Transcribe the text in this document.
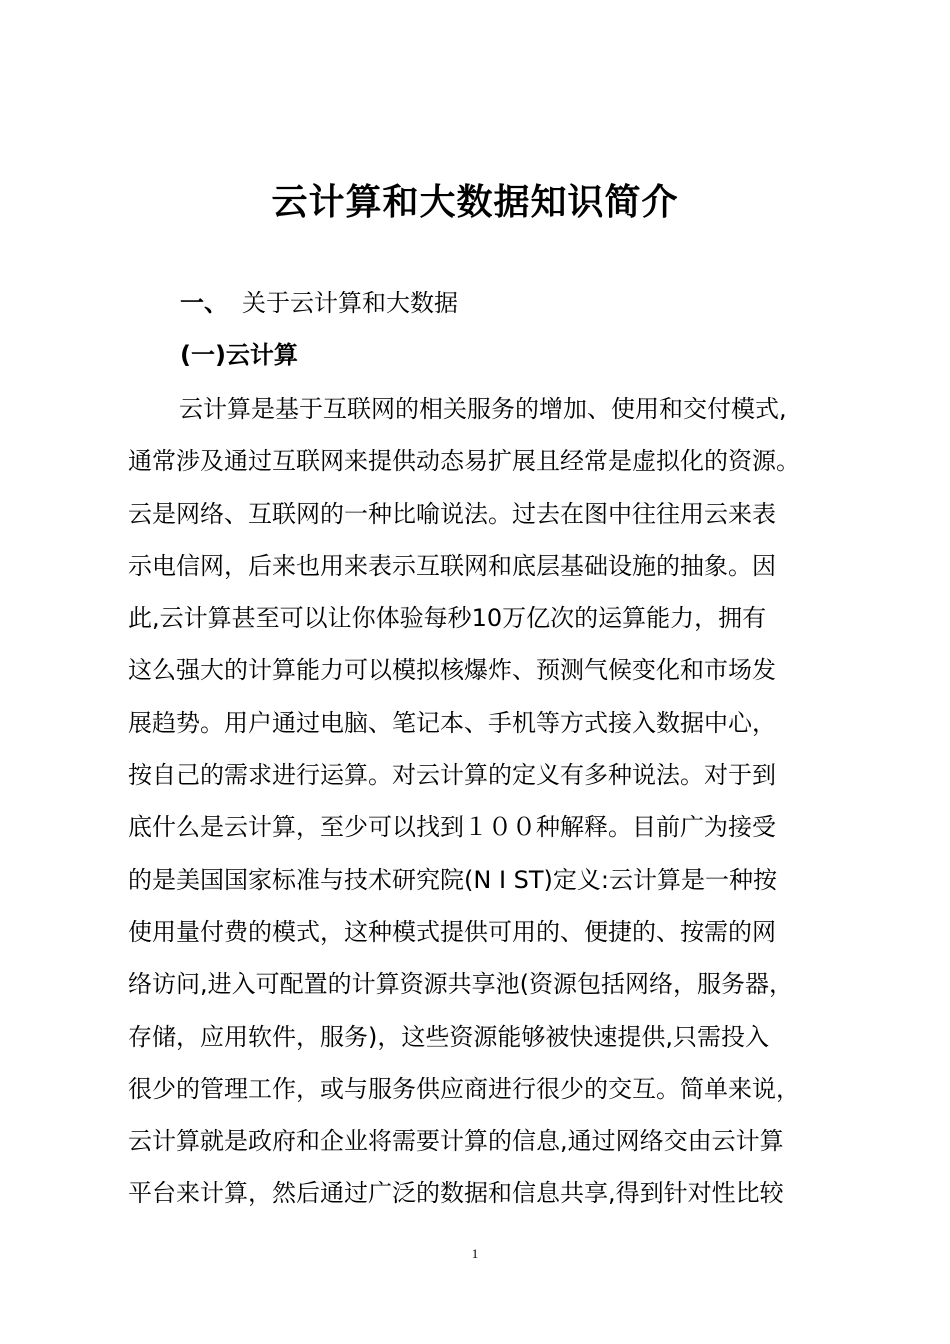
云计算和大数据知识简介
一、 关于云计算和大数据
(一)云计算
云计算是基于互联网的相关服务的增加、使用和交付模式,
通常涉及通过互联网来提供动态易扩展且经常是虚拟化的资源。
云是网络、互联网的一种比喻说法。过去在图中往往用云来表
示电信网，后来也用来表示互联网和底层基础设施的抽象。因
此,云计算甚至可以让你体验每秒10万亿次的运算能力，拥有
这么强大的计算能力可以模拟核爆炸、预测气候变化和市场发
展趋势。用户通过电脑、笔记本、手机等方式接入数据中心，
按自己的需求进行运算。对云计算的定义有多种说法。对于到
底什么是云计算，至少可以找到１００种解释。目前广为接受
的是美国国家标准与技术研究院(N I ST)定义:云计算是一种按
使用量付费的模式，这种模式提供可用的、便捷的、按需的网
络访问,进入可配置的计算资源共享池(资源包括网络，服务器，
存储，应用软件，服务)，这些资源能够被快速提供,只需投入
很少的管理工作，或与服务供应商进行很少的交互。简单来说，
云计算就是政府和企业将需要计算的信息,通过网络交由云计算
平台来计算，然后通过广泛的数据和信息共享,得到针对性比较
1
